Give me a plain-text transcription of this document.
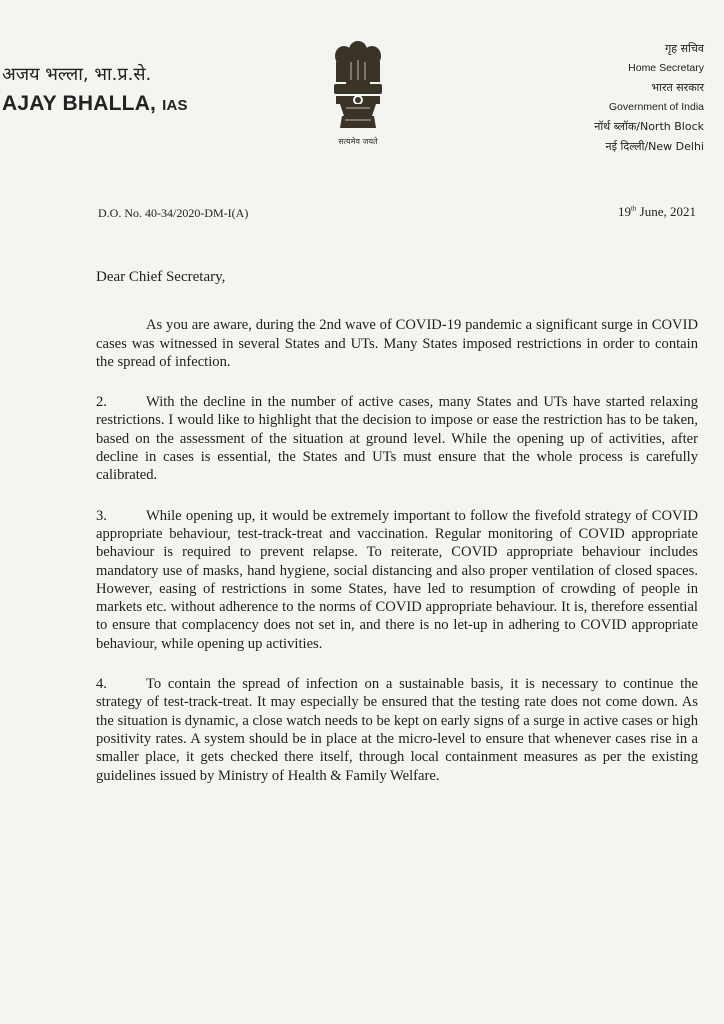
अजय भल्ला, भा.प्र.से.
AJAY BHALLA, IAS
सत्यमेव जयते
गृह सचिव
Home Secretary
भारत सरकार
Government of India
नॉर्थ ब्लॉक/North Block
नई दिल्ली/New Delhi
D.O. No. 40-34/2020-DM-I(A)	19th June, 2021

Dear Chief Secretary,

As you are aware, during the 2nd wave of COVID-19 pandemic a significant surge in COVID cases was witnessed in several States and UTs. Many States imposed restrictions in order to contain the spread of infection.

2.	With the decline in the number of active cases, many States and UTs have started relaxing restrictions. I would like to highlight that the decision to impose or ease the restriction has to be taken, based on the assessment of the situation at ground level. While the opening up of activities, after decline in cases is essential, the States and UTs must ensure that the whole process is carefully calibrated.

3.	While opening up, it would be extremely important to follow the fivefold strategy of COVID appropriate behaviour, test-track-treat and vaccination. Regular monitoring of COVID appropriate behaviour is required to prevent relapse. To reiterate, COVID appropriate behaviour includes mandatory use of masks, hand hygiene, social distancing and also proper ventilation of closed spaces. However, easing of restrictions in some States, have led to resumption of crowding of people in markets etc. without adherence to the norms of COVID appropriate behaviour. It is, therefore essential to ensure that complacency does not set in, and there is no let-up in adhering to COVID appropriate behaviour, while opening up activities.

4.	To contain the spread of infection on a sustainable basis, it is necessary to continue the strategy of test-track-treat. It may especially be ensured that the testing rate does not come down. As the situation is dynamic, a close watch needs to be kept on early signs of a surge in active cases or high positivity rates. A system should be in place at the micro-level to ensure that whenever cases rise in a smaller place, it gets checked there itself, through local containment measures as per the existing guidelines issued by Ministry of Health & Family Welfare.
